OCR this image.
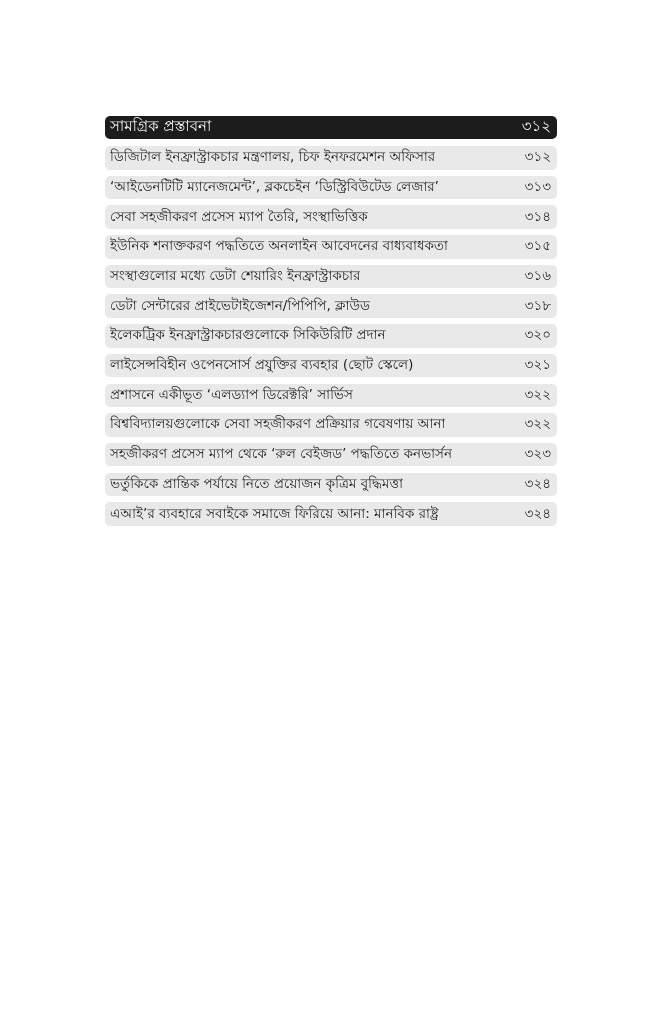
সামগ্রিক প্রস্তাবনা	৩১২
ডিজিটাল ইনফ্রাস্ট্রাকচার মন্ত্রণালয়, চিফ ইনফরমেশন অফিসার	৩১২
‘আইডেনটিটি ম্যানেজমেন্ট’, ব্লকচেইন ‘ডিস্ট্রিবিউটেড লেজার’	৩১৩
সেবা সহজীকরণ প্রসেস ম্যাপ তৈরি, সংস্থাভিত্তিক	৩১৪
ইউনিক শনাক্তকরণ পদ্ধতিতে অনলাইন আবেদনের বাধ্যবাধকতা	৩১৫
সংস্থাগুলোর মধ্যে ডেটা শেয়ারিং ইনফ্রাস্ট্রাকচার	৩১৬
ডেটা সেন্টারের প্রাইভেটাইজেশন/পিপিপি, ক্লাউড	৩১৮
ইলেকট্রিক ইনফ্রাস্ট্রাকচারগুলোকে সিকিউরিটি প্রদান	৩২০
লাইসেন্সবিহীন ওপেনসোর্স প্রযুক্তির ব্যবহার (ছোট স্কেলে)	৩২১
প্রশাসনে একীভূত ‘এলড্যাপ ডিরেক্টরি’ সার্ভিস	৩২২
বিশ্ববিদ্যালয়গুলোকে সেবা সহজীকরণ প্রক্রিয়ার গবেষণায় আনা	৩২২
সহজীকরণ প্রসেস ম্যাপ থেকে ‘রুল বেইজড’ পদ্ধতিতে কনভার্সন	৩২৩
ভর্তুকিকে প্রান্তিক পর্যায়ে নিতে প্রয়োজন কৃত্রিম বুদ্ধিমত্তা	৩২৪
এআই’র ব্যবহারে সবাইকে সমাজে ফিরিয়ে আনা: মানবিক রাষ্ট্র	৩২৪
